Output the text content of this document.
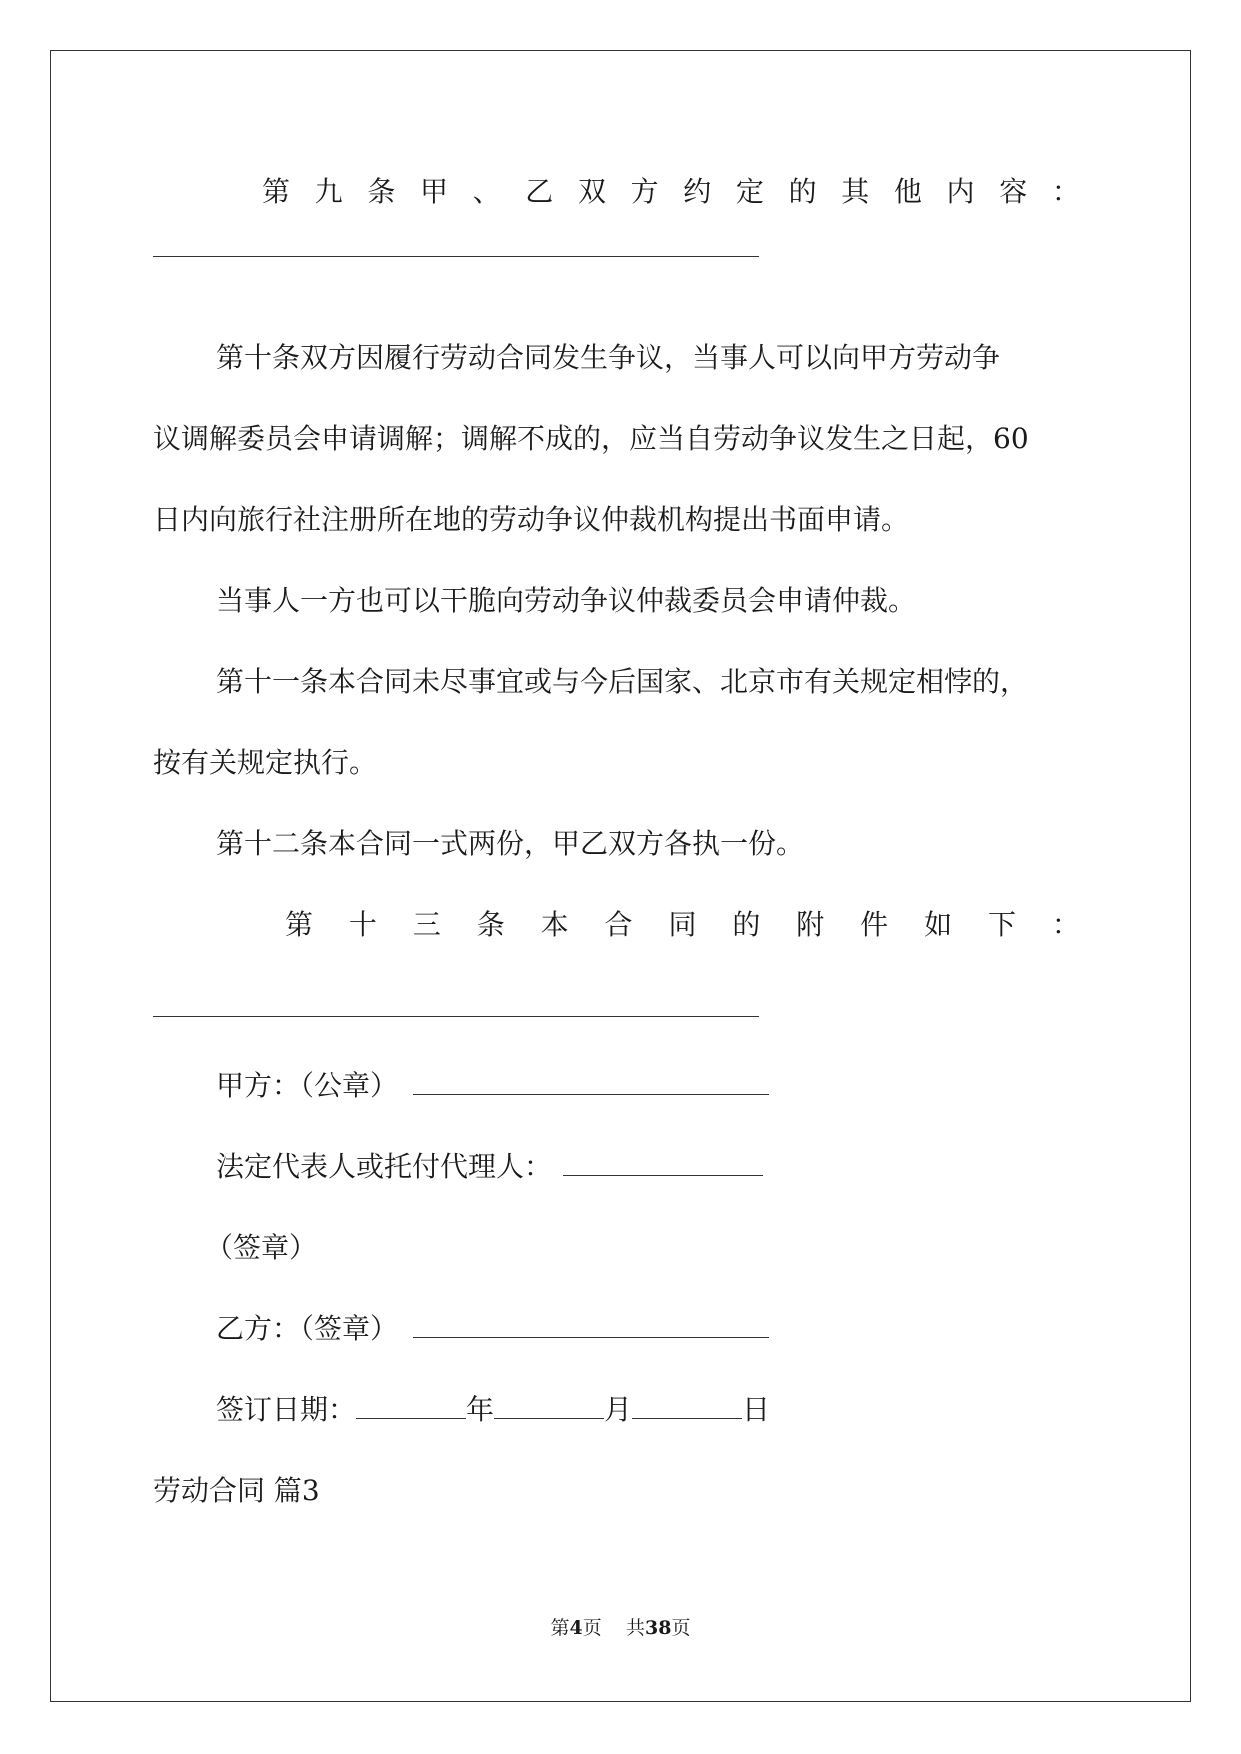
第 九 条 甲 、 乙 双 方 约 定 的 其 他 内 容 ：
第十条双方因履行劳动合同发生争议，当事人可以向甲方劳动争
议调解委员会申请调解；调解不成的，应当自劳动争议发生之日起，60
日内向旅行社注册所在地的劳动争议仲裁机构提出书面申请。
当事人一方也可以干脆向劳动争议仲裁委员会申请仲裁。
第十一条本合同未尽事宜或与今后国家、北京市有关规定相悖的，
按有关规定执行。
第十二条本合同一式两份，甲乙双方各执一份。
第 十 三 条 本 合 同 的 附 件 如 下 ：
甲方：（公章）
法定代表人或托付代理人：
（签章）
乙方：（签章）
签订日期：	年	月	日
劳动合同 篇3
第4页 共38页
